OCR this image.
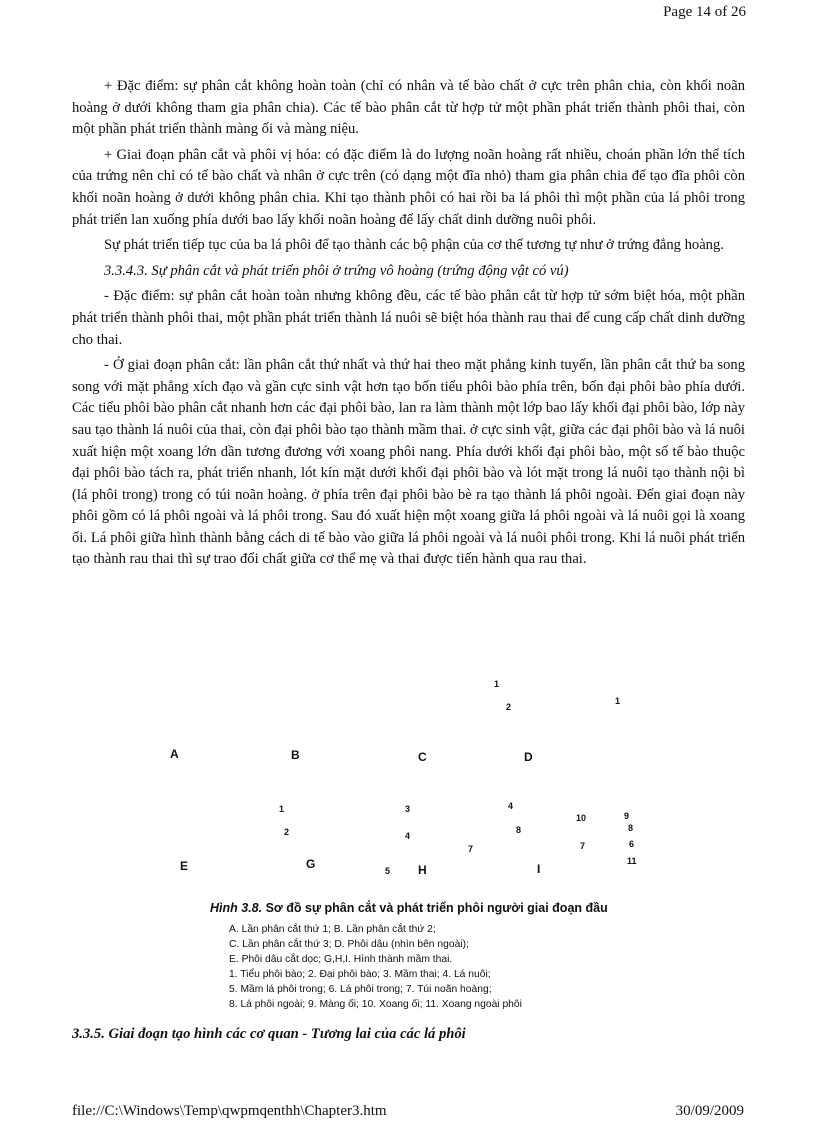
Page 14 of 26

+ Đặc điểm: sự phân cắt không hoàn toàn (chỉ có nhân và tế bào chất ở cực trên phân chia, còn khối noãn hoàng ở dưới không tham gia phân chia). Các tế bào phân cắt từ hợp tử một phần phát triển thành phôi thai, còn một phần phát triển thành màng ối và màng niệu.

+ Giai đoạn phân cắt và phôi vị hóa: có đặc điểm là do lượng noãn hoàng rất nhiều, choán phần lớn thể tích của trứng nên chỉ có tế bào chất và nhân ở cực trên (có dạng một đĩa nhỏ) tham gia phân chia để tạo đĩa phôi còn khối noãn hoàng ở dưới không phân chia. Khi tạo thành phôi có hai rồi ba lá phôi thì một phần của lá phôi trong phát triển lan xuống phía dưới bao lấy khối noãn hoàng để lấy chất dinh dưỡng nuôi phôi.

Sự phát triển tiếp tục của ba lá phôi để tạo thành các bộ phận của cơ thể tương tự như ở trứng đẳng hoàng.

3.3.4.3. Sự phân cắt và phát triển phôi ở trứng vô hoàng (trứng động vật có vú)

- Đặc điểm: sự phân cắt hoàn toàn nhưng không đều, các tế bào phân cắt từ hợp tử sớm biệt hóa, một phần phát triển thành phôi thai, một phần phát triển thành lá nuôi sẽ biệt hóa thành rau thai để cung cấp chất dinh dưỡng cho thai.

- Ở giai đoạn phân cắt: lần phân cắt thứ nhất và thứ hai theo mặt phẳng kinh tuyến, lần phân cắt thứ ba song song với mặt phẳng xích đạo và gần cực sinh vật hơn tạo bốn tiểu phôi bào phía trên, bốn đại phôi bào phía dưới. Các tiểu phôi bào phân cắt nhanh hơn các đại phôi bào, lan ra làm thành một lớp bao lấy khối đại phôi bào, lớp này sau tạo thành lá nuôi của thai, còn đại phôi bào tạo thành mầm thai. ở cực sinh vật, giữa các đại phôi bào và lá nuôi xuất hiện một xoang lớn dần tương đương với xoang phôi nang. Phía dưới khối đại phôi bào, một số tế bào thuộc đại phôi bào tách ra, phát triển nhanh, lót kín mặt dưới khối đại phôi bào và lót mặt trong lá nuôi tạo thành nội bì (lá phôi trong) trong có túi noãn hoàng. ở phía trên đại phôi bào bè ra tạo thành lá phôi ngoài. Đến giai đoạn này phôi gồm có lá phôi ngoài và lá phôi trong. Sau đó xuất hiện một xoang giữa lá phôi ngoài và lá nuôi gọi là xoang ối. Lá phôi giữa hình thành bằng cách di tế bào vào giữa lá phôi ngoài và lá nuôi phôi trong. Khi lá nuôi phát triển tạo thành rau thai thì sự trao đổi chất giữa cơ thể mẹ và thai được tiến hành qua rau thai.

1
2
1
A	B	C	D
1	3	4
2	4
10	9
8	8
7	7	6
E	G	5 H	I
11
Hình 3.8. Sơ đồ sự phân cắt và phát triển phôi người giai đoạn đầu
A. Lần phân cắt thứ 1; B. Lần phân cắt thứ 2;
C. Lần phân cắt thứ 3; D. Phôi dâu (nhìn bên ngoài);
E. Phôi dâu cắt dọc; G,H,I. Hình thành mầm thai.
1. Tiểu phôi bào; 2. Đại phôi bào; 3. Mầm thai; 4. Lá nuôi;
5. Mầm lá phôi trong; 6. Lá phôi trong; 7. Túi noãn hoàng;
8. Lá phôi ngoài; 9. Màng ối; 10. Xoang ối; 11. Xoang ngoài phôi
3.3.5. Giai đoạn tạo hình các cơ quan - Tương lai của các lá phôi
file://C:\Windows\Temp\qwpmqenthh\Chapter3.htm	30/09/2009
